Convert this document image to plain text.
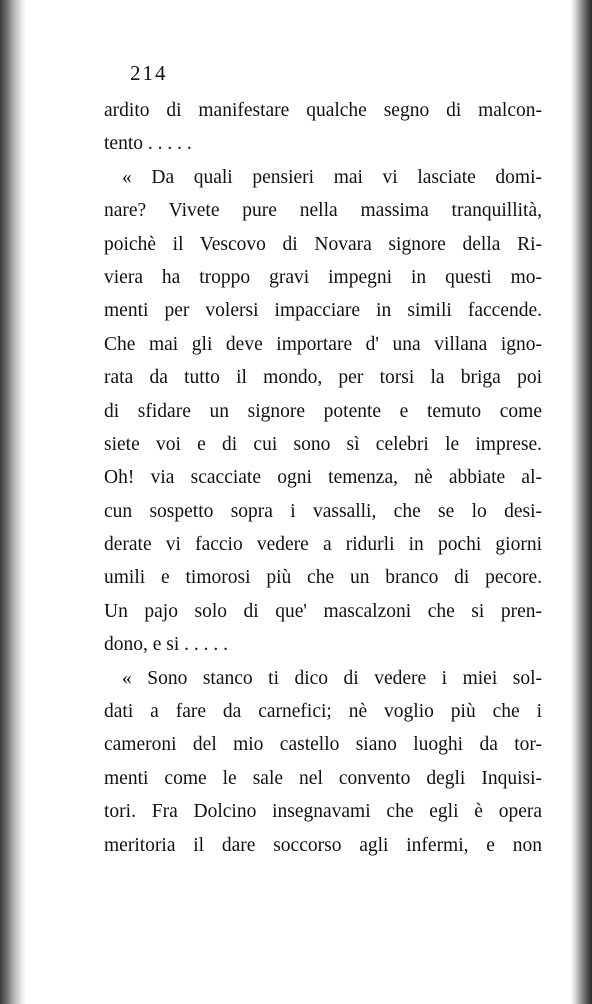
214
ardito di manifestare qualche segno di malcon-
tento . . . . .
« Da quali pensieri mai vi lasciate domi-
nare? Vivete pure nella massima tranquillità,
poichè il Vescovo di Novara signore della Ri-
viera ha troppo gravi impegni in questi mo-
menti per volersi impacciare in simili faccende.
Che mai gli deve importare d' una villana igno-
rata da tutto il mondo, per torsi la briga poi
di sfidare un signore potente e temuto come
siete voi e di cui sono sì celebri le imprese.
Oh! via scacciate ogni temenza, nè abbiate al-
cun sospetto sopra i vassalli, che se lo desi-
derate vi faccio vedere a ridurli in pochi giorni
umili e timorosi più che un branco di pecore.
Un pajo solo di que' mascalzoni che si pren-
dono, e si . . . . .
« Sono stanco ti dico di vedere i miei sol-
dati a fare da carnefici; nè voglio più che i
cameroni del mio castello siano luoghi da tor-
menti come le sale nel convento degli Inquisi-
tori. Fra Dolcino insegnavami che egli è opera
meritoria il dare soccorso agli infermi, e non
